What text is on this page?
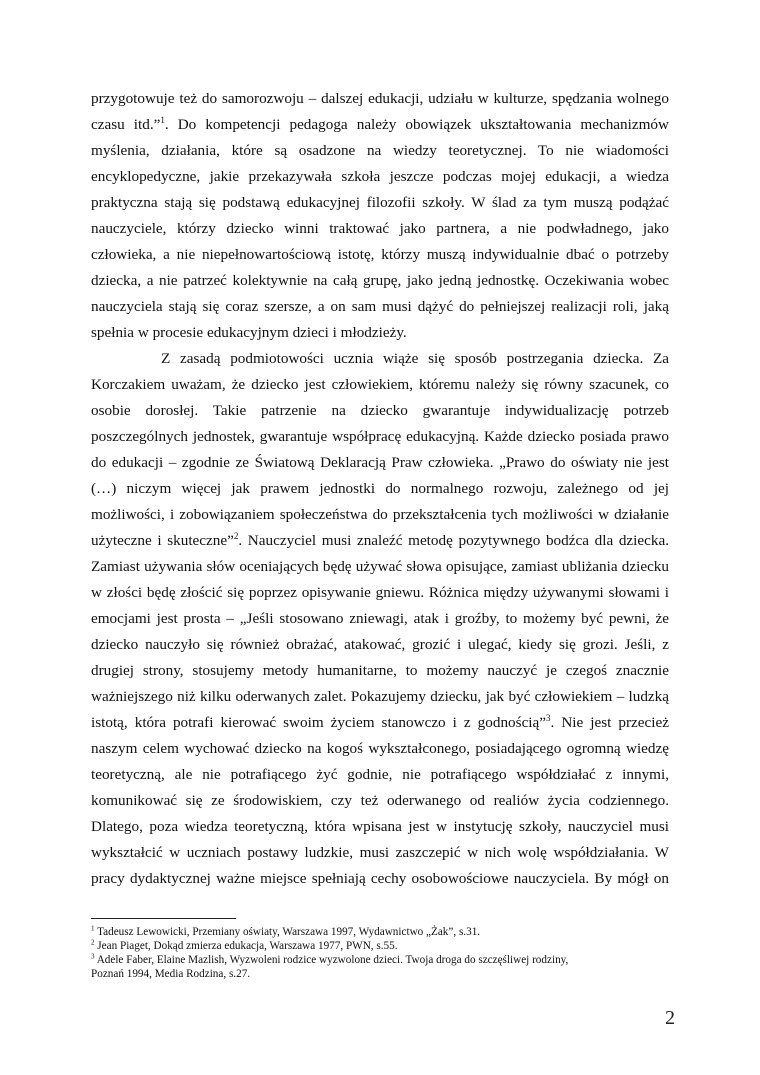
przygotowuje też do samorozwoju – dalszej edukacji, udziału w kulturze, spędzania wolnego
czasu itd.”$^1$. Do kompetencji pedagoga należy obowiązek ukształtowania mechanizmów
myślenia, działania, które są osadzone na wiedzy teoretycznej. To nie wiadomości
encyklopedyczne, jakie przekazywała szkoła jeszcze podczas mojej edukacji, a wiedza
praktyczna stają się podstawą edukacyjnej filozofii szkoły. W ślad za tym muszą podążać
nauczyciele, którzy dziecko winni traktować jako partnera, a nie podwładnego, jako
człowieka, a nie niepełnowartościową istotę, którzy muszą indywidualnie dbać o potrzeby
dziecka, a nie patrzeć kolektywnie na całą grupę, jako jedną jednostkę. Oczekiwania wobec
nauczyciela stają się coraz szersze, a on sam musi dążyć do pełniejszej realizacji roli, jaką
spełnia w procesie edukacyjnym dzieci i młodzieży.
Z zasadą podmiotowości ucznia wiąże się sposób postrzegania dziecka. Za
Korczakiem uważam, że dziecko jest człowiekiem, któremu należy się równy szacunek, co
osobie dorosłej. Takie patrzenie na dziecko gwarantuje indywidualizację potrzeb
poszczególnych jednostek, gwarantuje współpracę edukacyjną. Każde dziecko posiada prawo
do edukacji – zgodnie ze Światową Deklaracją Praw człowieka. „Prawo do oświaty nie jest
(…) niczym więcej jak prawem jednostki do normalnego rozwoju, zależnego od jej
możliwości, i zobowiązaniem społeczeństwa do przekształcenia tych możliwości w działanie
użyteczne i skuteczne”$^2$. Nauczyciel musi znaleźć metodę pozytywnego bodźca dla dziecka.
Zamiast używania słów oceniających będę używać słowa opisujące, zamiast ubliżania dziecku
w złości będę złościć się poprzez opisywanie gniewu. Różnica między używanymi słowami i
emocjami jest prosta – „Jeśli stosowano zniewagi, atak i groźby, to możemy być pewni, że
dziecko nauczyło się również obrażać, atakować, grozić i ulegać, kiedy się grozi. Jeśli, z
drugiej strony, stosujemy metody humanitarne, to możemy nauczyć je czegoś znacznie
ważniejszego niż kilku oderwanych zalet. Pokazujemy dziecku, jak być człowiekiem – ludzką
istotą, która potrafi kierować swoim życiem stanowczo i z godnością”$^3$. Nie jest przecież
naszym celem wychować dziecko na kogoś wykształconego, posiadającego ogromną wiedzę
teoretyczną, ale nie potrafiącego żyć godnie, nie potrafiącego współdziałać z innymi,
komunikować się ze środowiskiem, czy też oderwanego od realiów życia codziennego.
Dlatego, poza wiedza teoretyczną, która wpisana jest w instytucję szkoły, nauczyciel musi
wykształcić w uczniach postawy ludzkie, musi zaszczepić w nich wolę współdziałania. W
pracy dydaktycznej ważne miejsce spełniają cechy osobowościowe nauczyciela. By mógł on
$^1$ Tadeusz Lewowicki, Przemiany oświaty, Warszawa 1997, Wydawnictwo „Żak”, s.31.
$^2$ Jean Piaget, Dokąd zmierza edukacja, Warszawa 1977, PWN, s.55.
$^3$ Adele Faber, Elaine Mazlish, Wyzwoleni rodzice wyzwolone dzieci. Twoja droga do szczęśliwej rodziny,
Poznań 1994, Media Rodzina, s.27.
2
